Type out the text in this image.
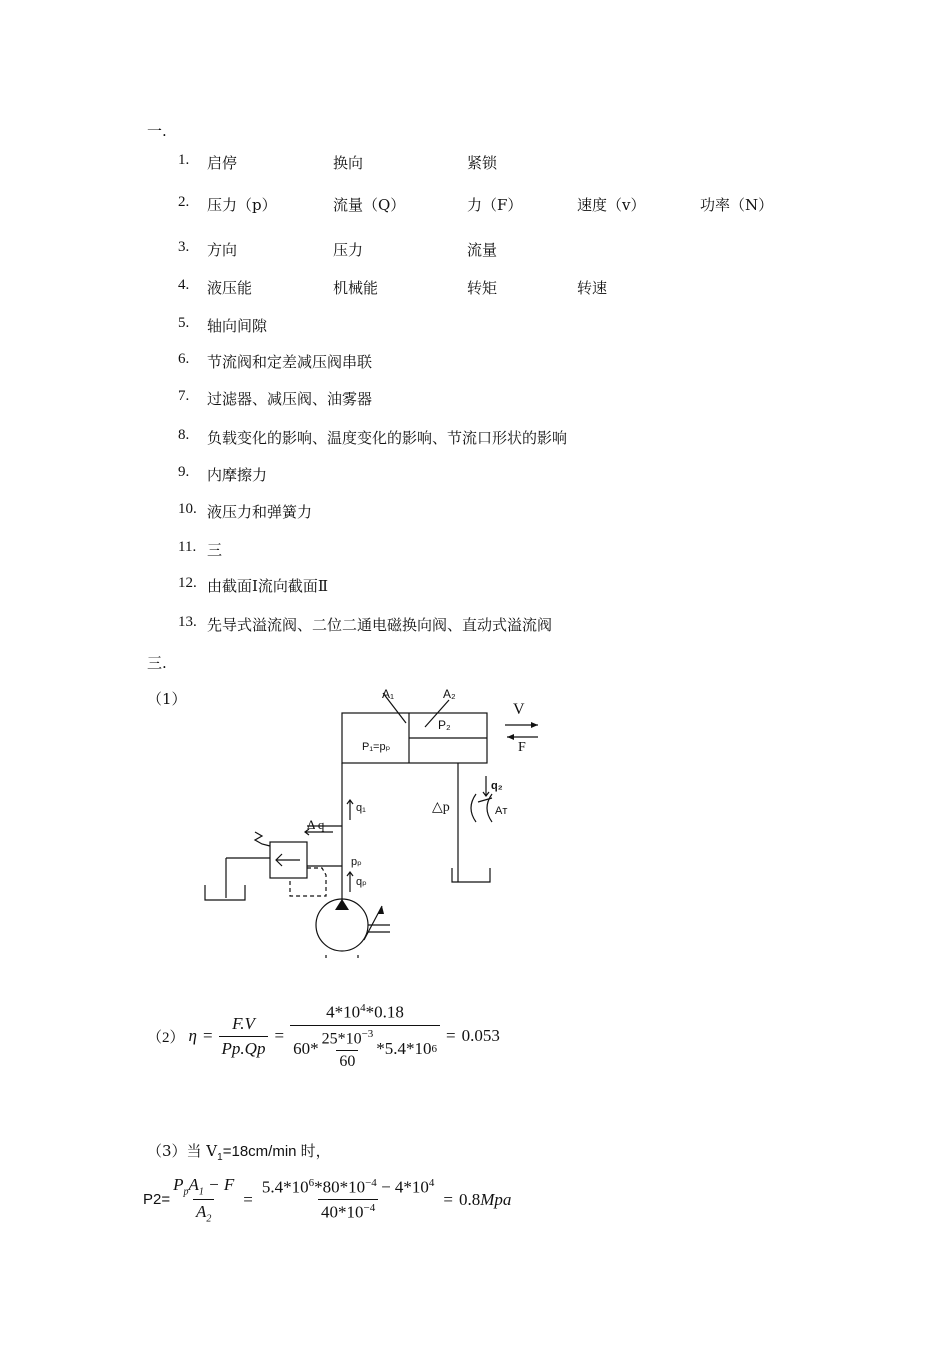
一.
1. 启停	换向	紧锁
2. 压力（p）	流量（Q）	力（F）	速度（v）	功率（N）
3. 方向	压力	流量
4. 液压能	机械能	转矩	转速
5. 轴向间隙
6. 节流阀和定差减压阀串联
7. 过滤器、减压阀、油雾器
8. 负载变化的影响、温度变化的影响、节流口形状的影响
9. 内摩擦力
10. 液压力和弹簧力
11. 三
12. 由截面Ⅰ流向截面Ⅱ
13. 先导式溢流阀、二位二通电磁换向阀、直动式溢流阀
三.
（1）	A₁	A₂
P₂
P₁=pₚ
V
F
q₂
△p	Aᴛ
q₁
Δ q
pₚ
qₚ
（2） $\eta = \frac{F.V}{Pp.Qp} = \frac{4*10^4*0.18}{60* \frac{25*10^{-3}}{60} *5.4*10 6} = 0.053$
（3）当 $V_1=18cm/\min$ 时，
$P2= \frac{P_pA_1 - F}{A_2} = \frac{5.4*10^6*80*10^{-4} - 4*10^4}{40*10^{-4}} = 0.8Mpa$
